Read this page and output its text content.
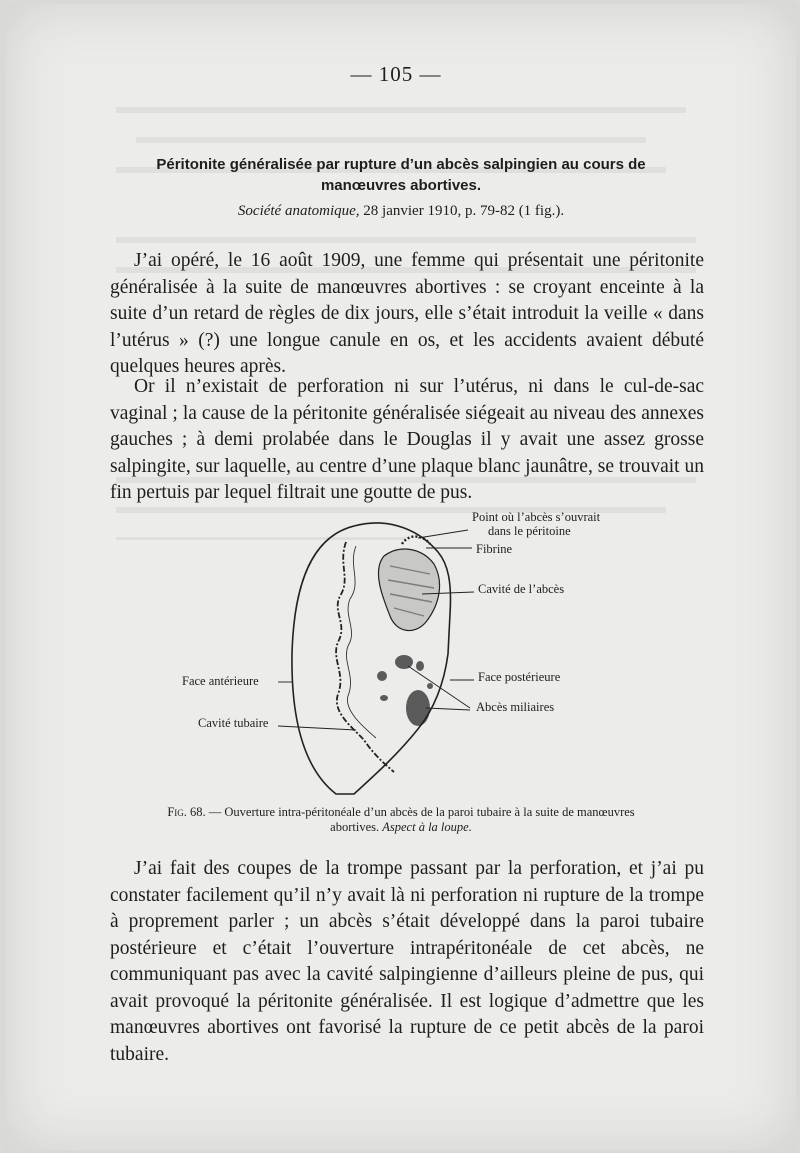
— 105 —
Péritonite généralisée par rupture d’un abcès salpingien au cours de manœuvres abortives.
Société anatomique, 28 janvier 1910, p. 79-82 (1 fig.).

J’ai opéré, le 16 août 1909, une femme qui présentait une péritonite généralisée à la suite de manœuvres abortives : se croyant enceinte à la suite d’un retard de règles de dix jours, elle s’était introduit la veille « dans l’utérus » (?) une longue canule en os, et les accidents avaient débuté quelques heures après.

Or il n’existait de perforation ni sur l’utérus, ni dans le cul-de-sac vaginal ; la cause de la péritonite généralisée siégeait au niveau des annexes gauches ; à demi prolabée dans le Douglas il y avait une assez grosse salpingite, sur laquelle, au centre d’une plaque blanc jaunâtre, se trouvait un fin pertuis par lequel filtrait une goutte de pus.

Point où l’abcès s’ouvrait
dans le péritoine
Fibrine
Cavité de l’abcès
Face antérieure	Face postérieure
Abcès miliaires
Cavité tubaire
Fig. 68. — Ouverture intra-péritonéale d’un abcès de la paroi tubaire à la suite de manœuvres abortives. Aspect à la loupe.

J’ai fait des coupes de la trompe passant par la perforation, et j’ai pu constater facilement qu’il n’y avait là ni perforation ni rupture de la trompe à proprement parler ; un abcès s’était développé dans la paroi tubaire postérieure et c’était l’ouverture intrapéritonéale de cet abcès, ne communiquant pas avec la cavité salpingienne d’ailleurs pleine de pus, qui avait provoqué la péritonite généralisée. Il est logique d’admettre que les manœuvres abortives ont favorisé la rupture de ce petit abcès de la paroi tubaire.
